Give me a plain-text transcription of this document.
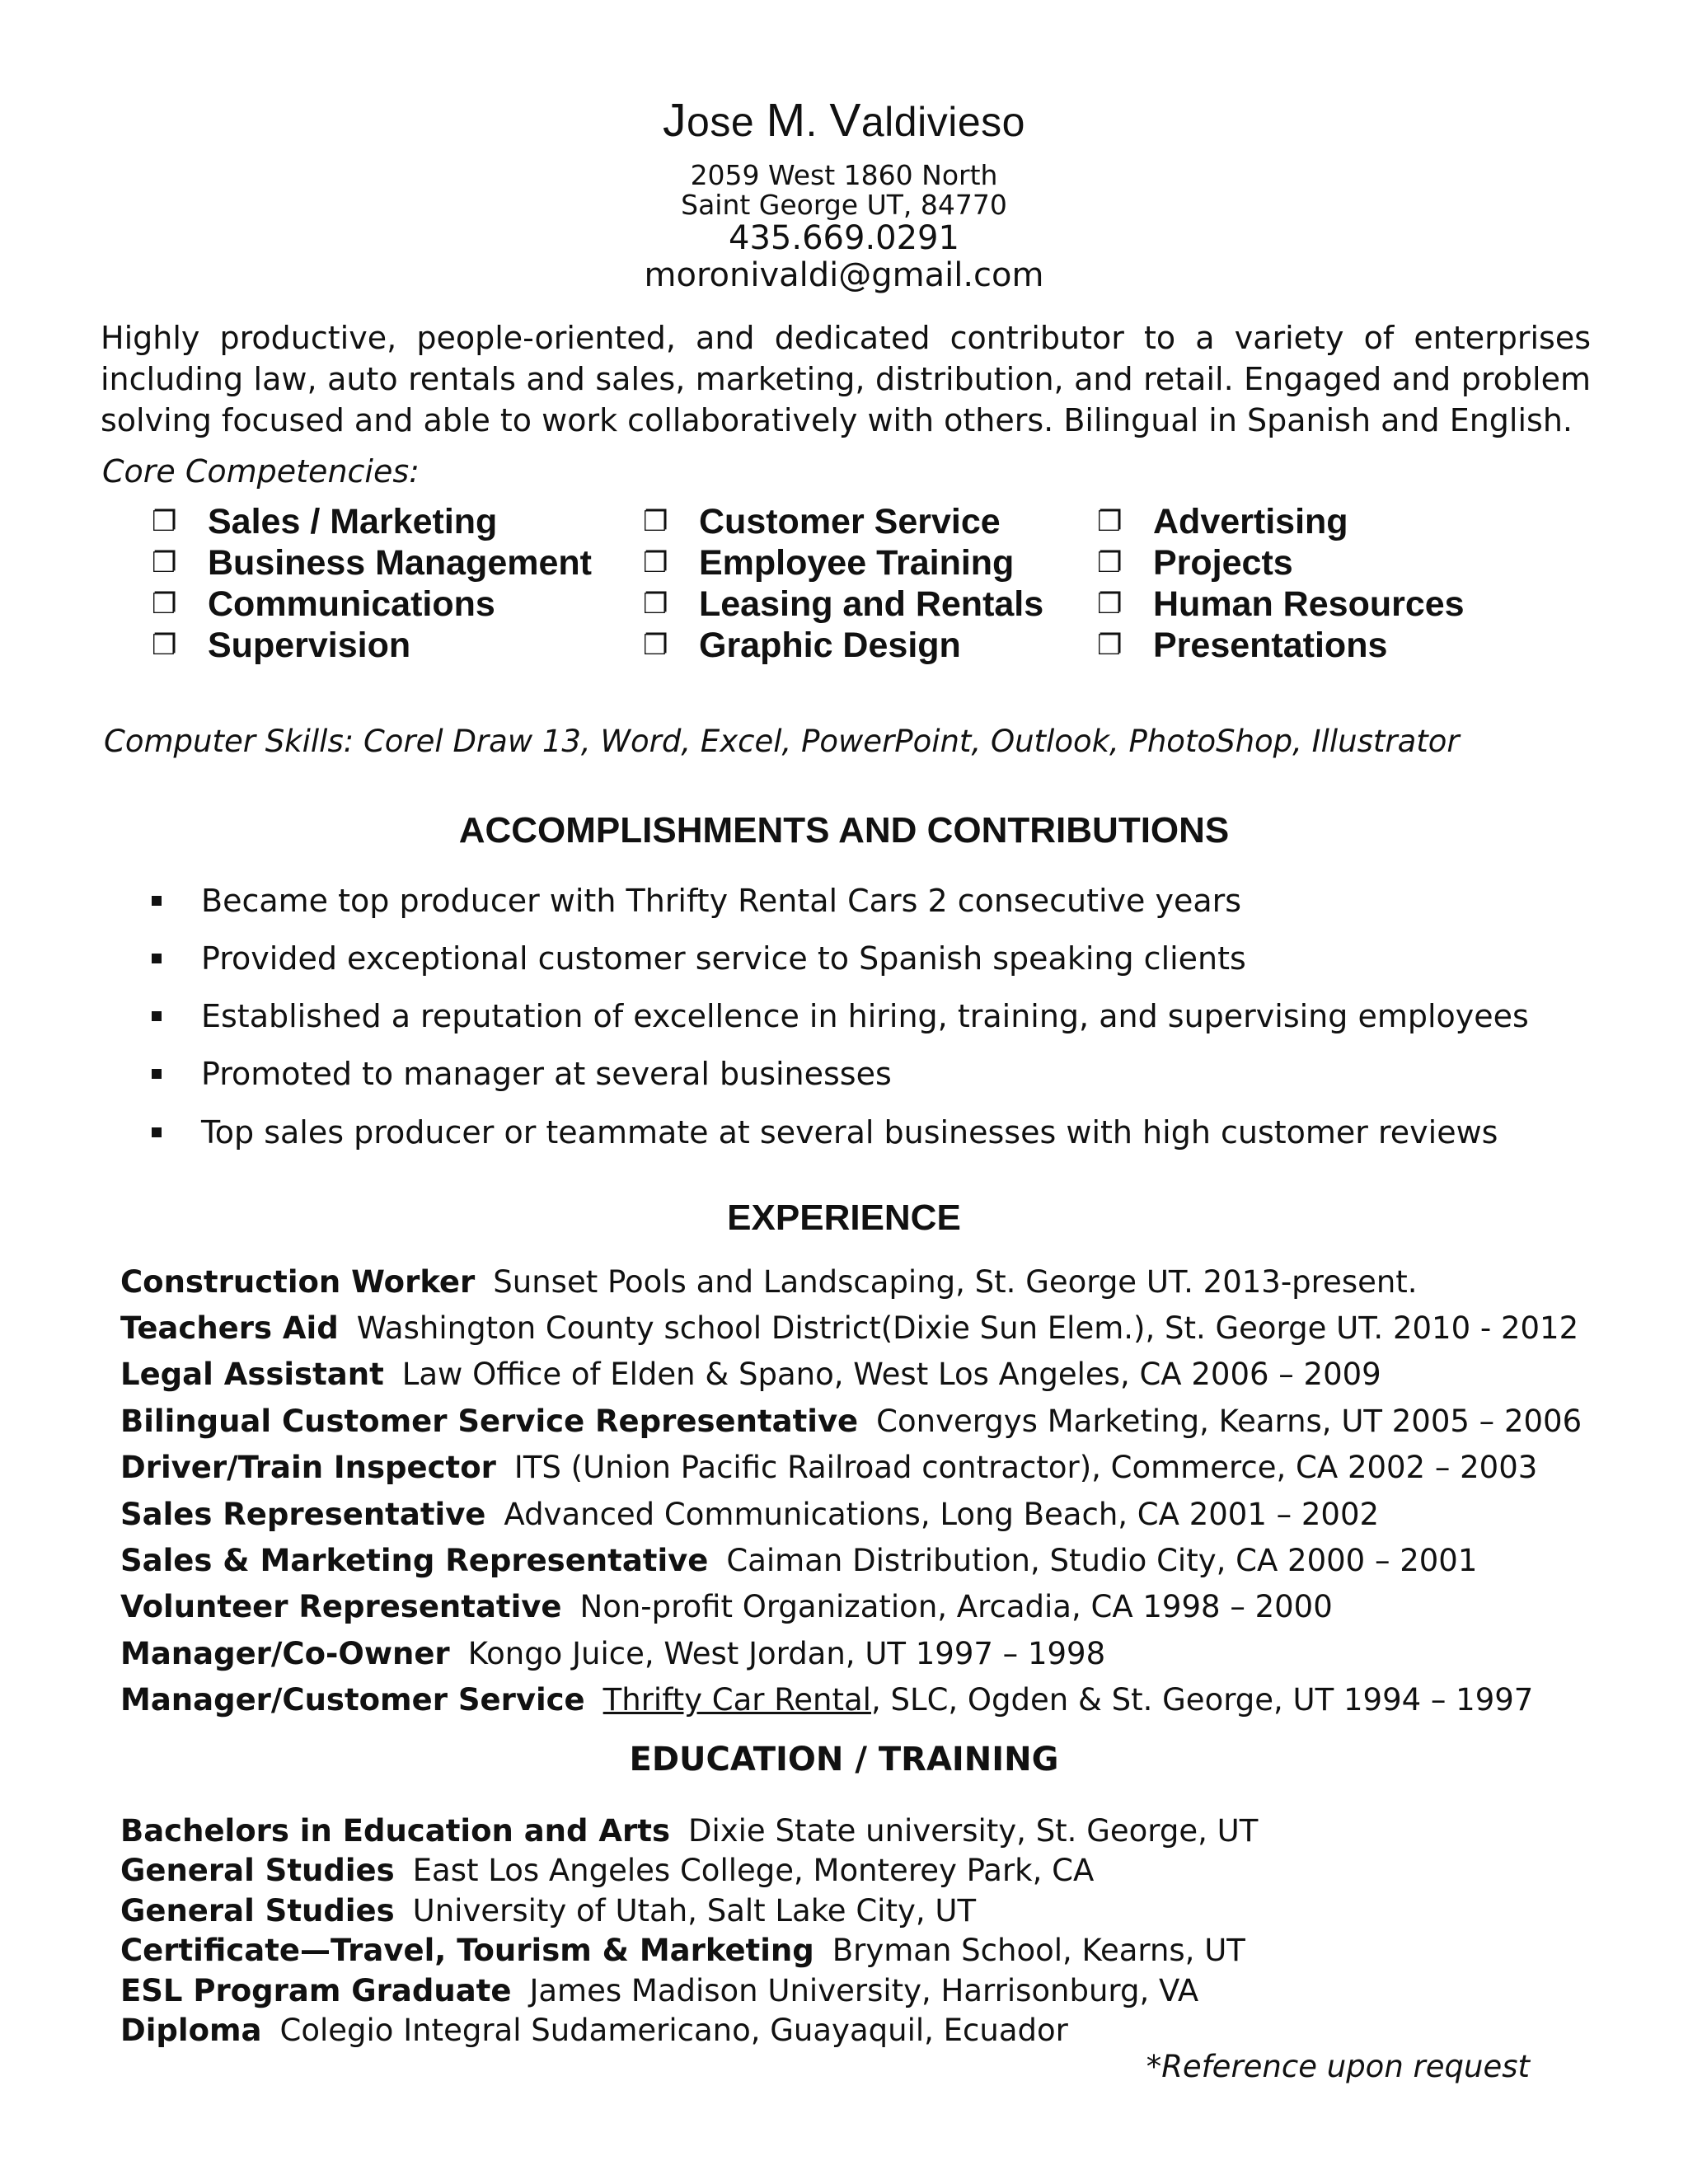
Jose M. Valdivieso
2059 West 1860 North
Saint George UT, 84770
435.669.0291
moronivaldi@gmail.com
Highly productive, people-oriented, and dedicated contributor to a variety of enterprises including law, auto rentals and sales, marketing, distribution, and retail. Engaged and problem solving focused and able to work collaboratively with others. Bilingual in Spanish and English.
Core Competencies:
❐ Sales / Marketing
❐ Business Management
❐ Communications
❐ Supervision
❐ Customer Service
❐ Employee Training
❐ Leasing and Rentals
❐ Graphic Design
❐ Advertising
❐ Projects
❐ Human Resources
❐ Presentations
Computer Skills: Corel Draw 13, Word, Excel, PowerPoint, Outlook, PhotoShop, Illustrator
ACCOMPLISHMENTS AND CONTRIBUTIONS
Became top producer with Thrifty Rental Cars 2 consecutive years
Provided exceptional customer service to Spanish speaking clients
Established a reputation of excellence in hiring, training, and supervising employees
Promoted to manager at several businesses
Top sales producer or teammate at several businesses with high customer reviews
EXPERIENCE
Construction Worker Sunset Pools and Landscaping, St. George UT. 2013-present.
Teachers Aid Washington County school District(Dixie Sun Elem.), St. George UT. 2010 - 2012
Legal Assistant Law Office of Elden & Spano, West Los Angeles, CA 2006 – 2009
Bilingual Customer Service Representative Convergys Marketing, Kearns, UT 2005 – 2006
Driver/Train Inspector ITS (Union Pacific Railroad contractor), Commerce, CA 2002 – 2003
Sales Representative Advanced Communications, Long Beach, CA 2001 – 2002
Sales & Marketing Representative Caiman Distribution, Studio City, CA 2000 – 2001
Volunteer Representative Non-profit Organization, Arcadia, CA 1998 – 2000
Manager/Co-Owner Kongo Juice, West Jordan, UT 1997 – 1998
Manager/Customer Service Thrifty Car Rental , SLC, Ogden & St. George, UT 1994 – 1997
EDUCATION / TRAINING
Bachelors in Education and Arts Dixie State university, St. George, UT
General Studies East Los Angeles College, Monterey Park, CA
General Studies University of Utah, Salt Lake City, UT
Certificate—Travel, Tourism & Marketing Bryman School, Kearns, UT
ESL Program Graduate James Madison University, Harrisonburg, VA
Diploma Colegio Integral Sudamericano, Guayaquil, Ecuador
*Reference upon request
